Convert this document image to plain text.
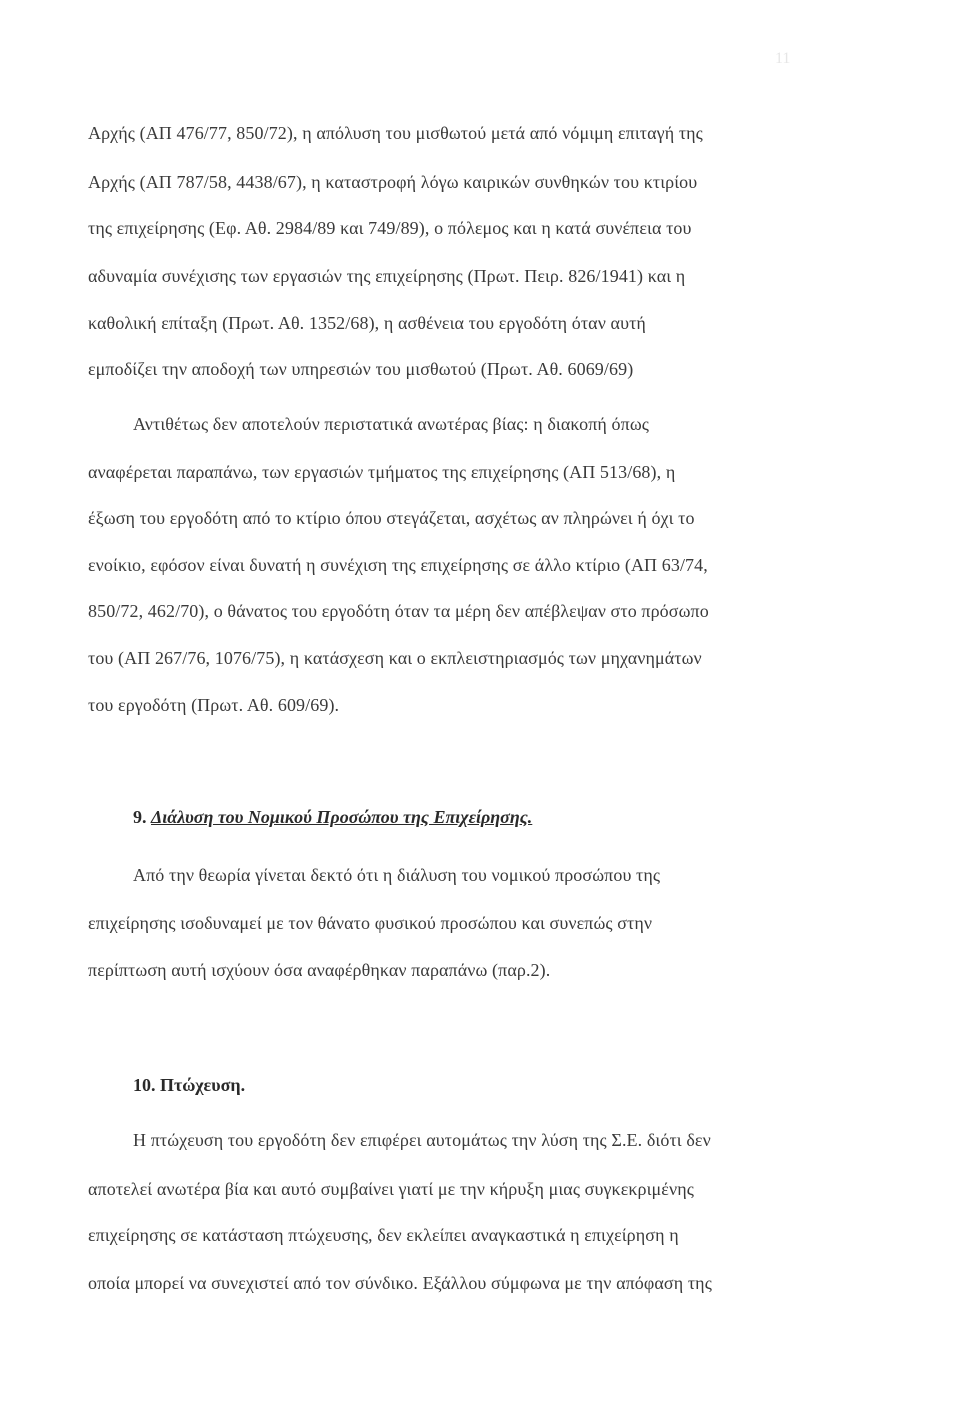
11
Αρχής (ΑΠ 476/77, 850/72), η απόλυση του μισθωτού μετά από νόμιμη επιταγή της
Αρχής (ΑΠ 787/58, 4438/67), η καταστροφή λόγω καιρικών συνθηκών του κτιρίου
της επιχείρησης (Εφ. Αθ. 2984/89 και 749/89), ο πόλεμος και η κατά συνέπεια του
αδυναμία συνέχισης των εργασιών της επιχείρησης (Πρωτ. Πειρ. 826/1941) και η
καθολική επίταξη (Πρωτ. Αθ. 1352/68), η ασθένεια του εργοδότη όταν αυτή
εμποδίζει την αποδοχή των υπηρεσιών του μισθωτού (Πρωτ. Αθ. 6069/69)
Αντιθέτως δεν αποτελούν περιστατικά ανωτέρας βίας: η διακοπή όπως
αναφέρεται παραπάνω, των εργασιών τμήματος της επιχείρησης (ΑΠ 513/68), η
έξωση του εργοδότη από το κτίριο όπου στεγάζεται, ασχέτως αν πληρώνει ή όχι το
ενοίκιο, εφόσον είναι δυνατή η συνέχιση της επιχείρησης σε άλλο κτίριο (ΑΠ 63/74,
850/72, 462/70), ο θάνατος του εργοδότη όταν τα μέρη δεν απέβλεψαν στο πρόσωπο
του (ΑΠ 267/76, 1076/75), η κατάσχεση και ο εκπλειστηριασμός των μηχανημάτων
του εργοδότη (Πρωτ. Αθ. 609/69).
9. Διάλυση του Νομικού Προσώπου της Επιχείρησης.
Από την θεωρία γίνεται δεκτό ότι η διάλυση του νομικού προσώπου της
επιχείρησης ισοδυναμεί με τον θάνατο φυσικού προσώπου και συνεπώς στην
περίπτωση αυτή ισχύουν όσα αναφέρθηκαν παραπάνω (παρ.2).
10. Πτώχευση.
Η πτώχευση του εργοδότη δεν επιφέρει αυτομάτως την λύση της Σ.Ε. διότι δεν
αποτελεί ανωτέρα βία και αυτό συμβαίνει γιατί με την κήρυξη μιας συγκεκριμένης
επιχείρησης σε κατάσταση πτώχευσης, δεν εκλείπει αναγκαστικά η επιχείρηση η
οποία μπορεί να συνεχιστεί από τον σύνδικο. Εξάλλου σύμφωνα με την απόφαση της
